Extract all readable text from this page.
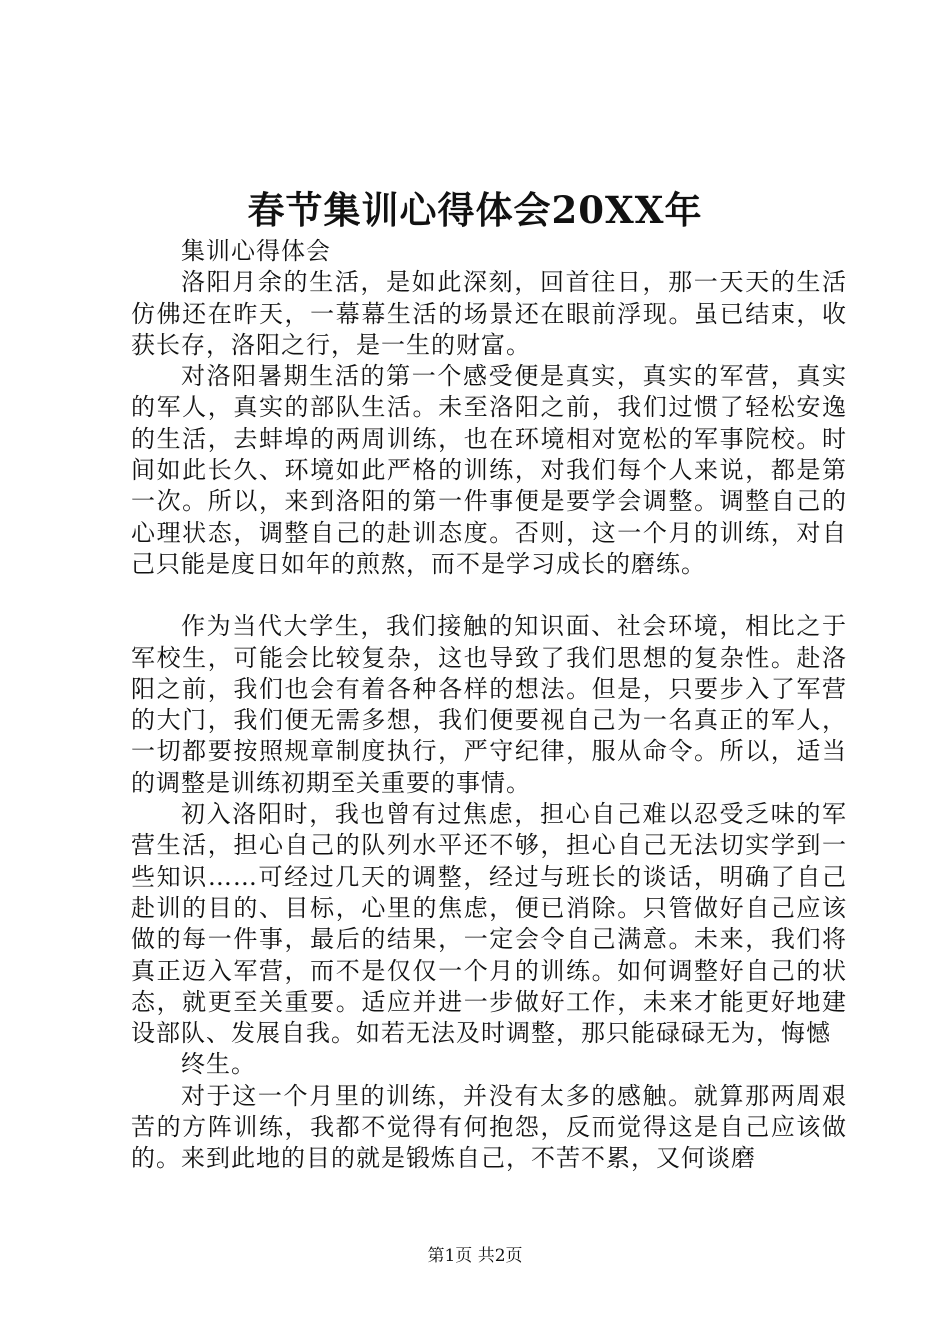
春节集训心得体会20XX年

集训心得体会

洛阳月余的生活，是如此深刻，回首往日，那一天天的生活仿佛还在昨天，一幕幕生活的场景还在眼前浮现。虽已结束，收获长存，洛阳之行，是一生的财富。

对洛阳暑期生活的第一个感受便是真实，真实的军营，真实的军人，真实的部队生活。未至洛阳之前，我们过惯了轻松安逸的生活，去蚌埠的两周训练，也在环境相对宽松的军事院校。时间如此长久、环境如此严格的训练，对我们每个人来说，都是第一次。所以，来到洛阳的第一件事便是要学会调整。调整自己的心理状态，调整自己的赴训态度。否则，这一个月的训练，对自己只能是度日如年的煎熬，而不是学习成长的磨练。

作为当代大学生，我们接触的知识面、社会环境，相比之于军校生，可能会比较复杂，这也导致了我们思想的复杂性。赴洛阳之前，我们也会有着各种各样的想法。但是，只要步入了军营的大门，我们便无需多想，我们便要视自己为一名真正的军人，一切都要按照规章制度执行，严守纪律，服从命令。所以，适当的调整是训练初期至关重要的事情。

初入洛阳时，我也曾有过焦虑，担心自己难以忍受乏味的军营生活，担心自己的队列水平还不够，担心自己无法切实学到一些知识……可经过几天的调整，经过与班长的谈话，明确了自己赴训的目的、目标，心里的焦虑，便已消除。只管做好自己应该做的每一件事，最后的结果，一定会令自己满意。未来，我们将真正迈入军营，而不是仅仅一个月的训练。如何调整好自己的状态，就更至关重要。适应并进一步做好工作，未来才能更好地建设部队、发展自我。如若无法及时调整，那只能碌碌无为，悔憾

终生。

对于这一个月里的训练，并没有太多的感触。就算那两周艰苦的方阵训练，我都不觉得有何抱怨，反而觉得这是自己应该做的。来到此地的目的就是锻炼自己，不苦不累，又何谈磨

第1页 共2页
